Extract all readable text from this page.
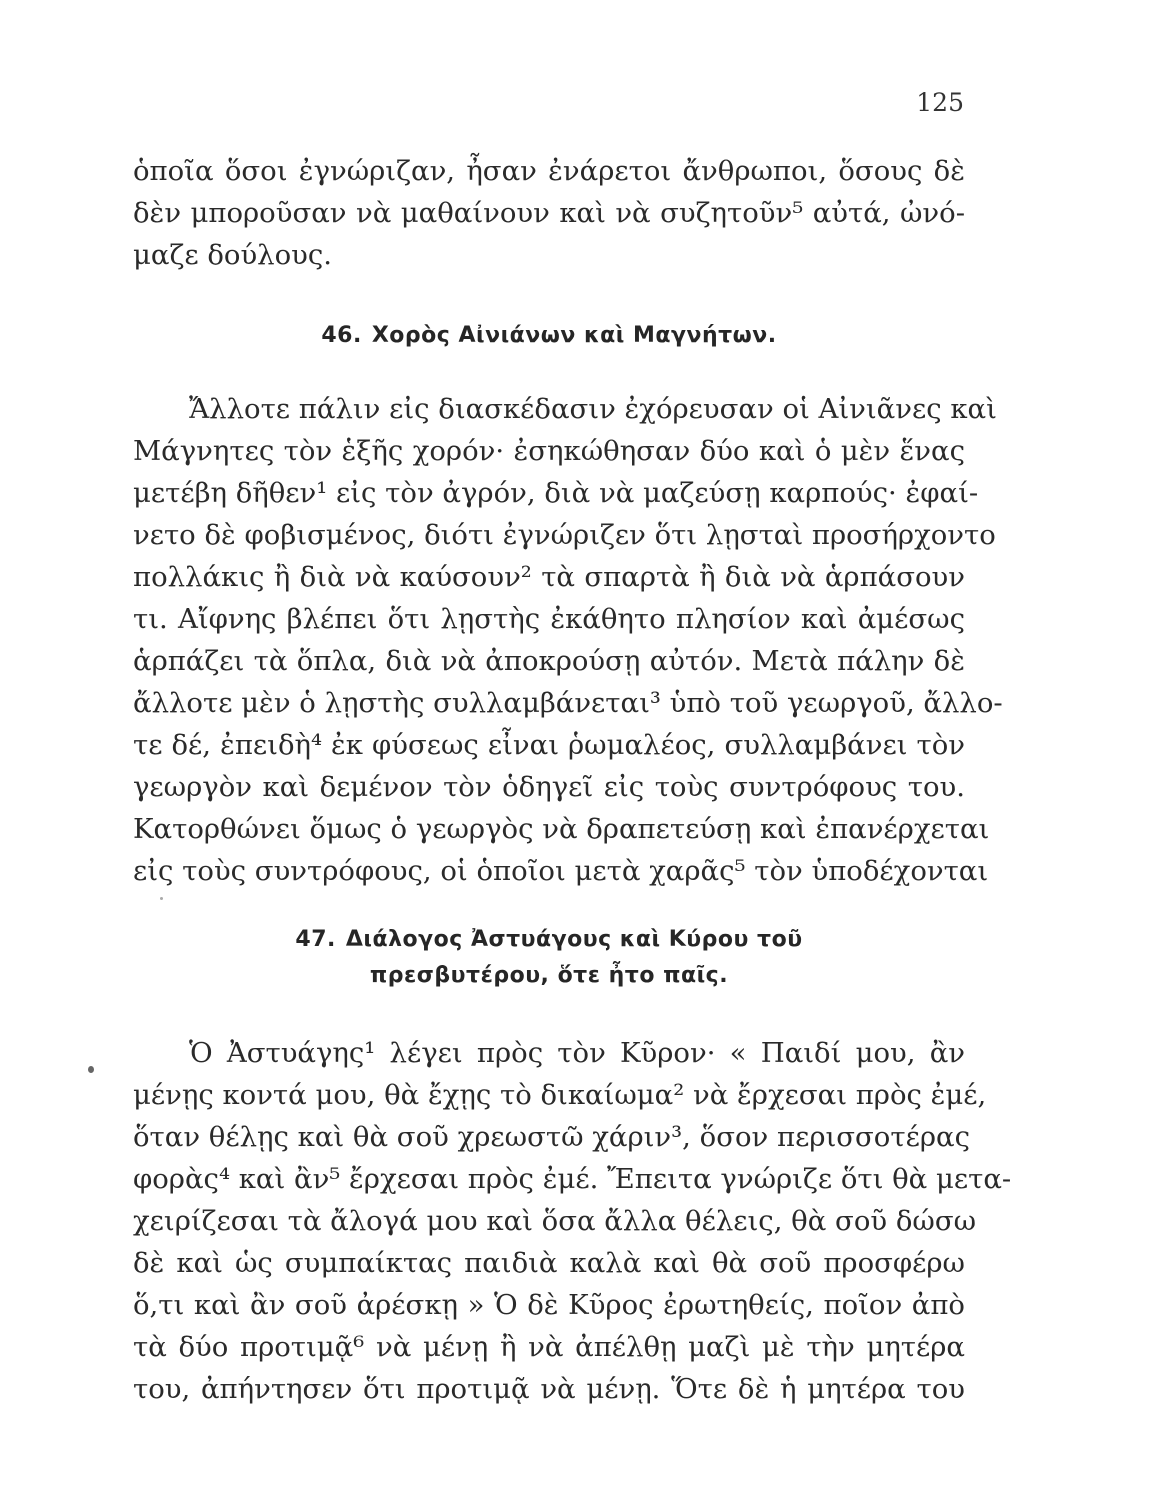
125
ὁποῖα ὅσοι ἐγνώριζαν, ἦσαν ἐνάρετοι ἄνθρωποι, ὅσους δὲ
δὲν μποροῦσαν νὰ μαθαίνουν καὶ νὰ συζητοῦν⁵ αὐτά, ὠνό-
μαζε δούλους.
46. Χορὸς Αἰνιάνων καὶ Μαγνήτων.
Ἄλλοτε πάλιν εἰς διασκέδασιν ἐχόρευσαν οἱ Αἰνιᾶνες καὶ
Μάγνητες τὸν ἑξῆς χορόν· ἐσηκώθησαν δύο καὶ ὁ μὲν ἕνας
μετέβη δῆθεν¹ εἰς τὸν ἀγρόν, διὰ νὰ μαζεύσῃ καρπούς· ἐφαί-
νετο δὲ φοβισμένος, διότι ἐγνώριζεν ὅτι λῃσταὶ προσήρχοντο
πολλάκις ἢ διὰ νὰ καύσουν² τὰ σπαρτὰ ἢ διὰ νὰ ἁρπάσουν
τι. Αἴφνης βλέπει ὅτι λῃστὴς ἐκάθητο πλησίον καὶ ἀμέσως
ἁρπάζει τὰ ὅπλα, διὰ νὰ ἀποκρούσῃ αὐτόν. Μετὰ πάλην δὲ
ἄλλοτε μὲν ὁ λῃστὴς συλλαμβάνεται³ ὑπὸ τοῦ γεωργοῦ, ἄλλο-
τε δέ, ἐπειδὴ⁴ ἐκ φύσεως εἶναι ῥωμαλέος, συλλαμβάνει τὸν
γεωργὸν καὶ δεμένον τὸν ὁδηγεῖ εἰς τοὺς συντρόφους του.
Κατορθώνει ὅμως ὁ γεωργὸς νὰ δραπετεύσῃ καὶ ἐπανέρχεται
εἰς τοὺς συντρόφους, οἱ ὁποῖοι μετὰ χαρᾶς⁵ τὸν ὑποδέχονται
47. Διάλογος Ἀστυάγους καὶ Κύρου τοῦ
πρεσβυτέρου, ὅτε ἦτο παῖς.
Ὁ Ἀστυάγης¹ λέγει πρὸς τὸν Κῦρον· « Παιδί μου, ἂν
μένῃς κοντά μου, θὰ ἔχῃς τὸ δικαίωμα² νὰ ἔρχεσαι πρὸς ἐμέ,
ὅταν θέλῃς καὶ θὰ σοῦ χρεωστῶ χάριν³, ὅσον περισσοτέρας
φορὰς⁴ καὶ ἂν⁵ ἔρχεσαι πρὸς ἐμέ. Ἔπειτα γνώριζε ὅτι θὰ μετα-
χειρίζεσαι τὰ ἄλογά μου καὶ ὅσα ἄλλα θέλεις, θὰ σοῦ δώσω
δὲ καὶ ὡς συμπαίκτας παιδιὰ καλὰ καὶ θὰ σοῦ προσφέρω
ὅ,τι καὶ ἂν σοῦ ἀρέσκῃ » Ὁ δὲ Κῦρος ἐρωτηθείς, ποῖον ἀπὸ
τὰ δύο προτιμᾷ⁶ νὰ μένῃ ἢ νὰ ἀπέλθῃ μαζὶ μὲ τὴν μητέρα
του, ἀπήντησεν ὅτι προτιμᾷ νὰ μένῃ. Ὅτε δὲ ἡ μητέρα του
